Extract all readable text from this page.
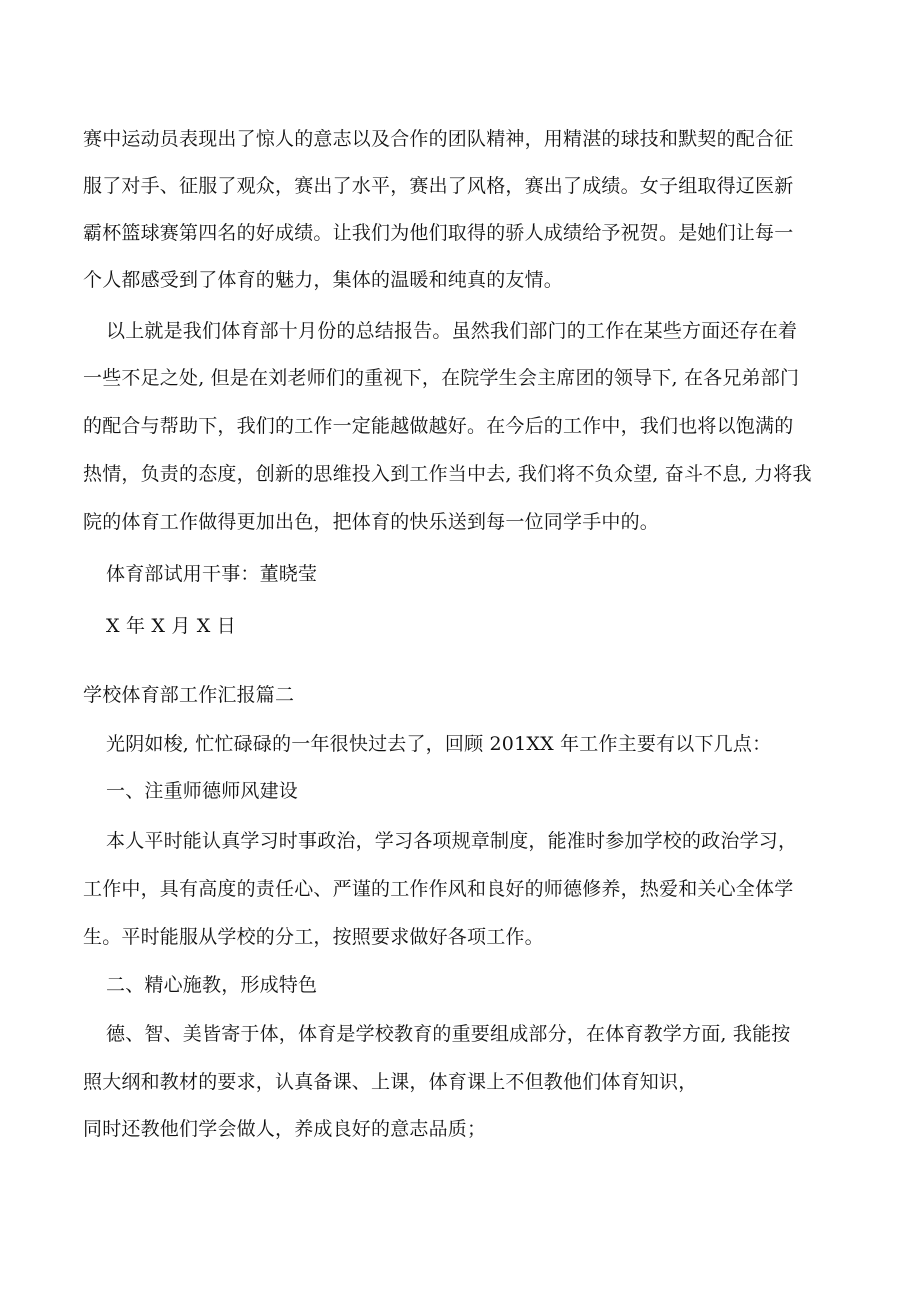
赛中运动员表现出了惊人的意志以及合作的团队精神，用精湛的球技和默契的配合征
服了对手、征服了观众，赛出了水平，赛出了风格，赛出了成绩。女子组取得辽医新
霸杯篮球赛第四名的好成绩。让我们为他们取得的骄人成绩给予祝贺。是她们让每一
个人都感受到了体育的魅力，集体的温暖和纯真的友情。
以上就是我们体育部十月份的总结报告。虽然我们部门的工作在某些方面还存在着
一些不足之处, 但是在刘老师们的重视下，在院学生会主席团的领导下, 在各兄弟部门
的配合与帮助下，我们的工作一定能越做越好。在今后的工作中，我们也将以饱满的
热情，负责的态度，创新的思维投入到工作当中去, 我们将不负众望, 奋斗不息, 力将我
院的体育工作做得更加出色，把体育的快乐送到每一位同学手中的。
体育部试用干事：董晓莹
X 年 X 月 X 日
学校体育部工作汇报篇二
光阴如梭, 忙忙碌碌的一年很快过去了，回顾 201XX 年工作主要有以下几点：
一、注重师德师风建设
本人平时能认真学习时事政治，学习各项规章制度，能准时参加学校的政治学习，
工作中，具有高度的责任心、严谨的工作作风和良好的师德修养，热爱和关心全体学
生。平时能服从学校的分工，按照要求做好各项工作。
二、精心施教，形成特色
德、智、美皆寄于体，体育是学校教育的重要组成部分，在体育教学方面, 我能按
照大纲和教材的要求，认真备课、上课，体育课上不但教他们体育知识，
同时还教他们学会做人，养成良好的意志品质；
